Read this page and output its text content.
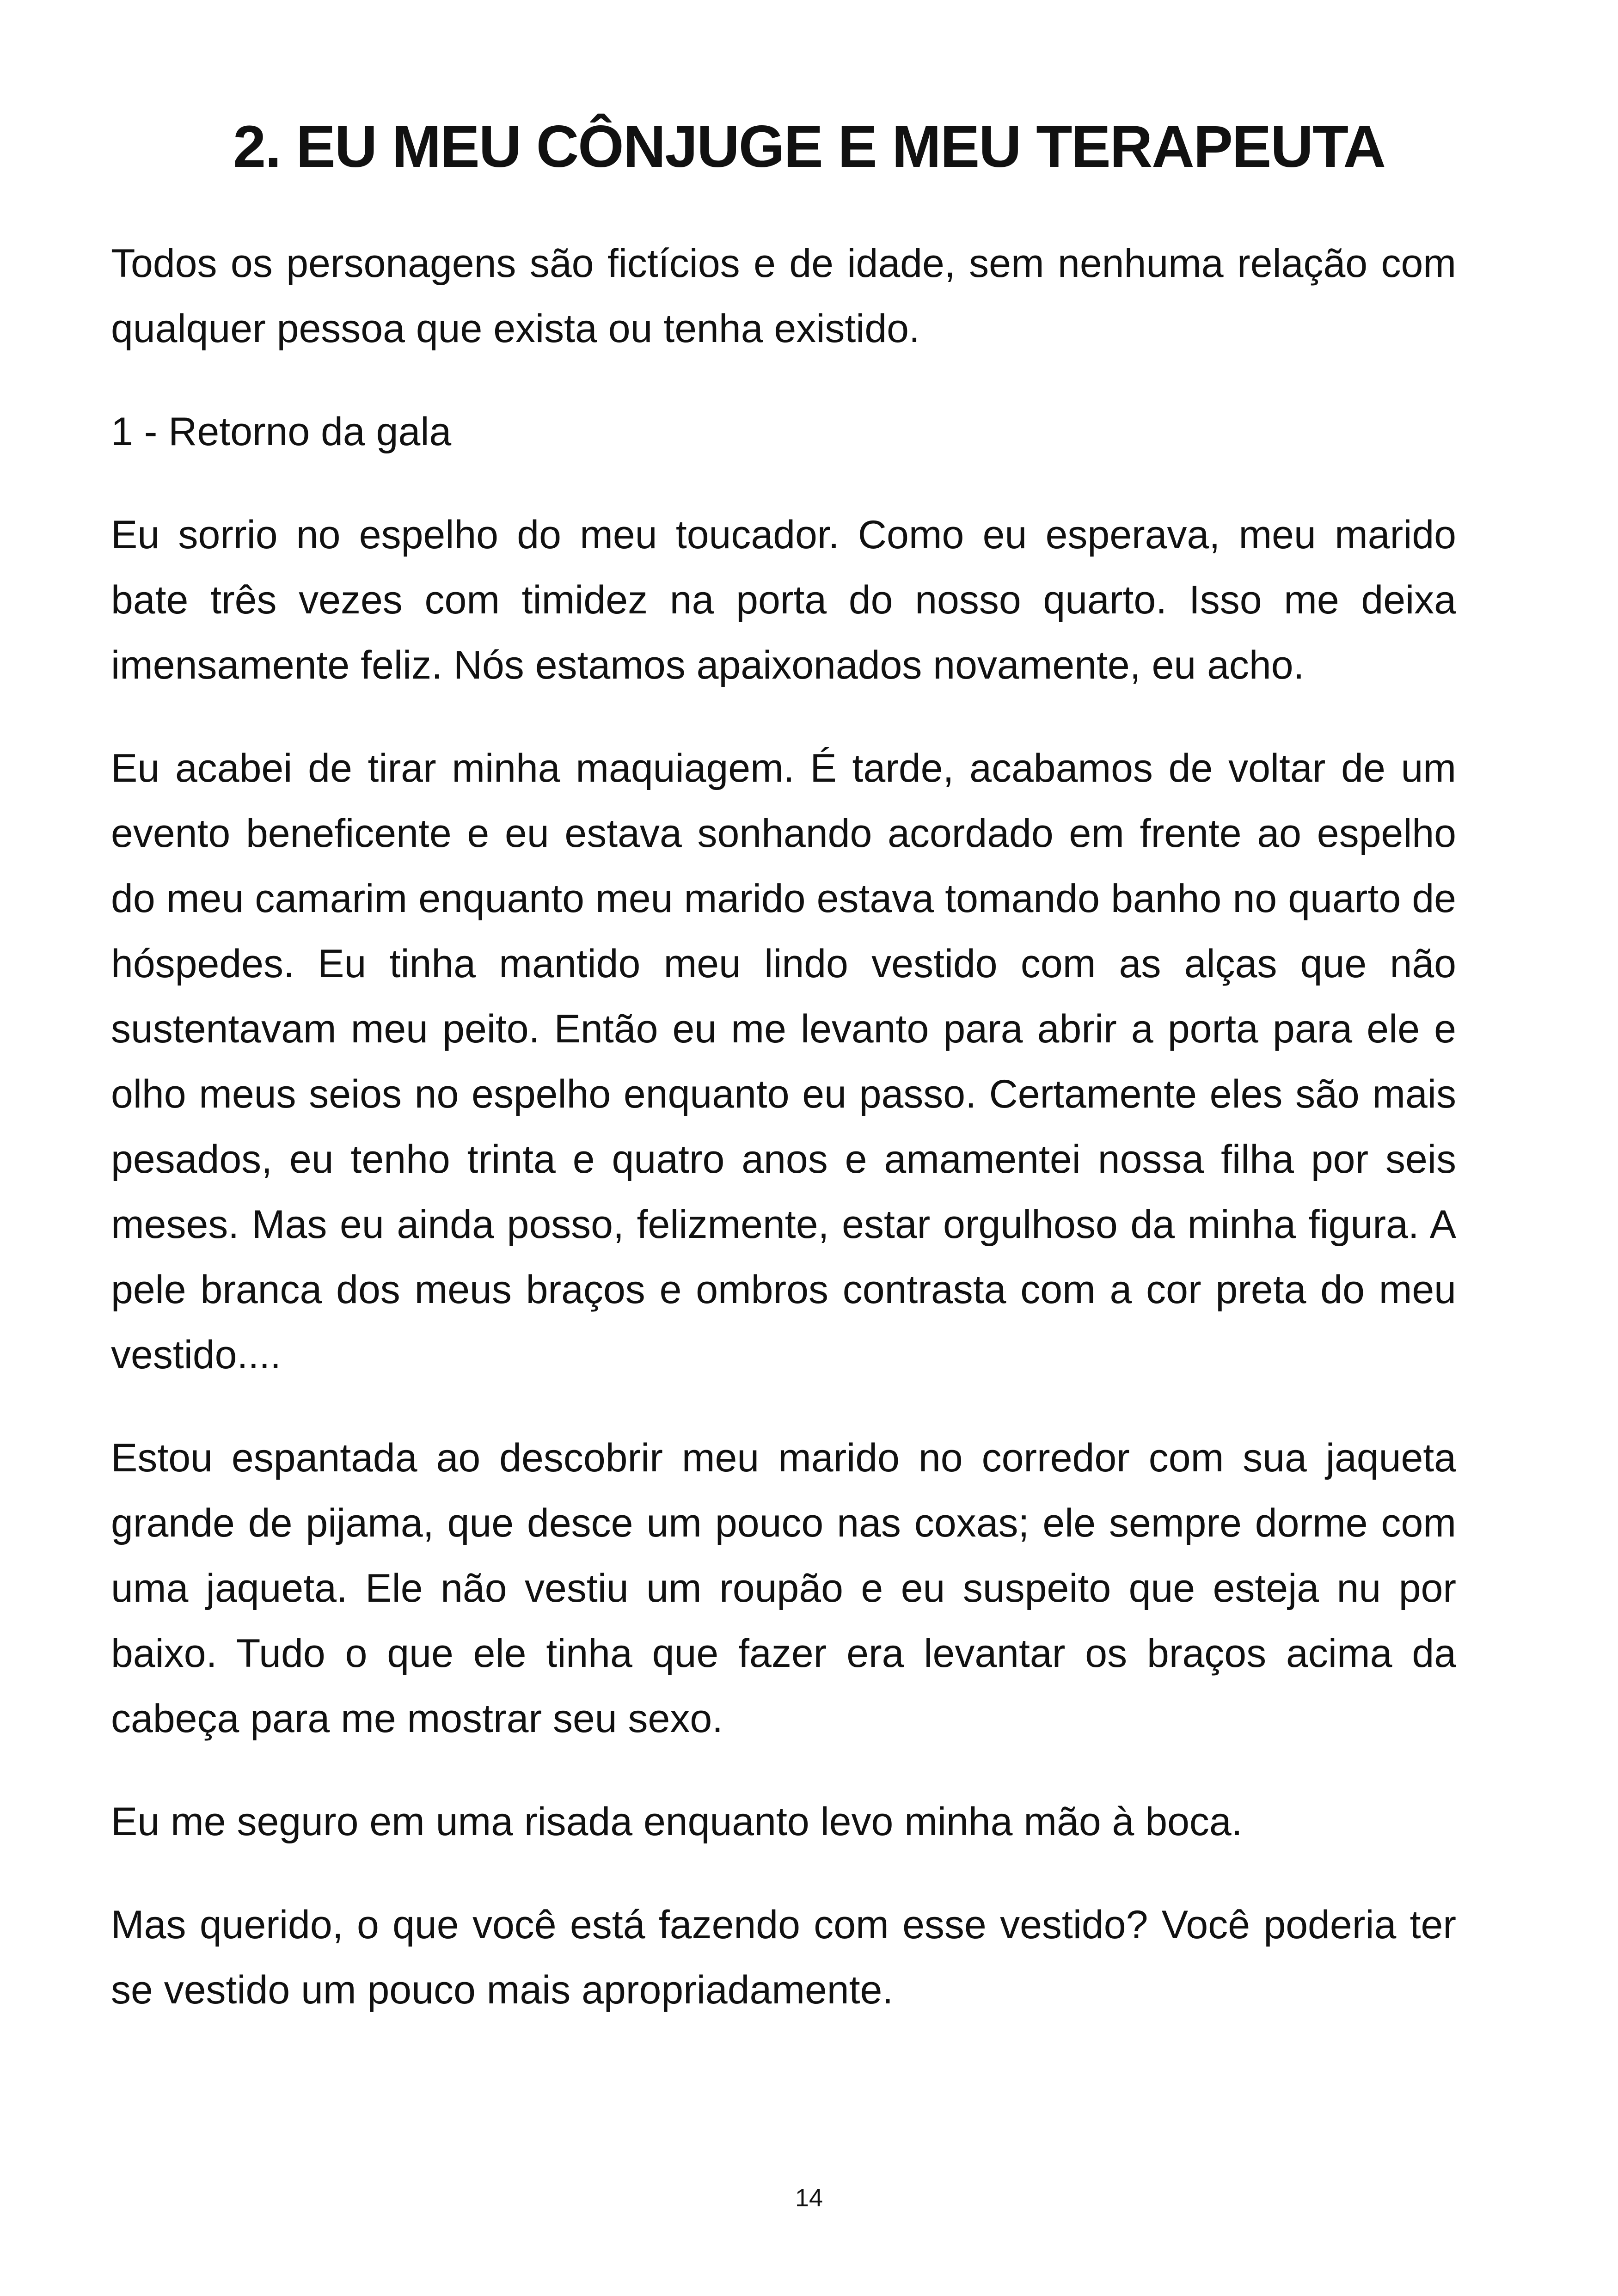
2. EU MEU CÔNJUGE E MEU TERAPEUTA

Todos os personagens são fictícios e de idade, sem nenhuma relação com qualquer pessoa que exista ou tenha existido.

1 - Retorno da gala

Eu sorrio no espelho do meu toucador. Como eu esperava, meu marido bate três vezes com timidez na porta do nosso quarto. Isso me deixa imensamente feliz. Nós estamos apaixonados novamente, eu acho.

Eu acabei de tirar minha maquiagem. É tarde, acabamos de voltar de um evento beneficente e eu estava sonhando acordado em frente ao espelho do meu camarim enquanto meu marido estava tomando banho no quarto de hóspedes. Eu tinha mantido meu lindo vestido com as alças que não sustentavam meu peito. Então eu me levanto para abrir a porta para ele e olho meus seios no espelho enquanto eu passo. Certamente eles são mais pesados, eu tenho trinta e quatro anos e amamentei nossa filha por seis meses. Mas eu ainda posso, felizmente, estar orgulhoso da minha figura. A pele branca dos meus braços e ombros contrasta com a cor preta do meu vestido....

Estou espantada ao descobrir meu marido no corredor com sua jaqueta grande de pijama, que desce um pouco nas coxas; ele sempre dorme com uma jaqueta. Ele não vestiu um roupão e eu suspeito que esteja nu por baixo. Tudo o que ele tinha que fazer era levantar os braços acima da cabeça para me mostrar seu sexo.

Eu me seguro em uma risada enquanto levo minha mão à boca.

Mas querido, o que você está fazendo com esse vestido? Você poderia ter se vestido um pouco mais apropriadamente.

14
